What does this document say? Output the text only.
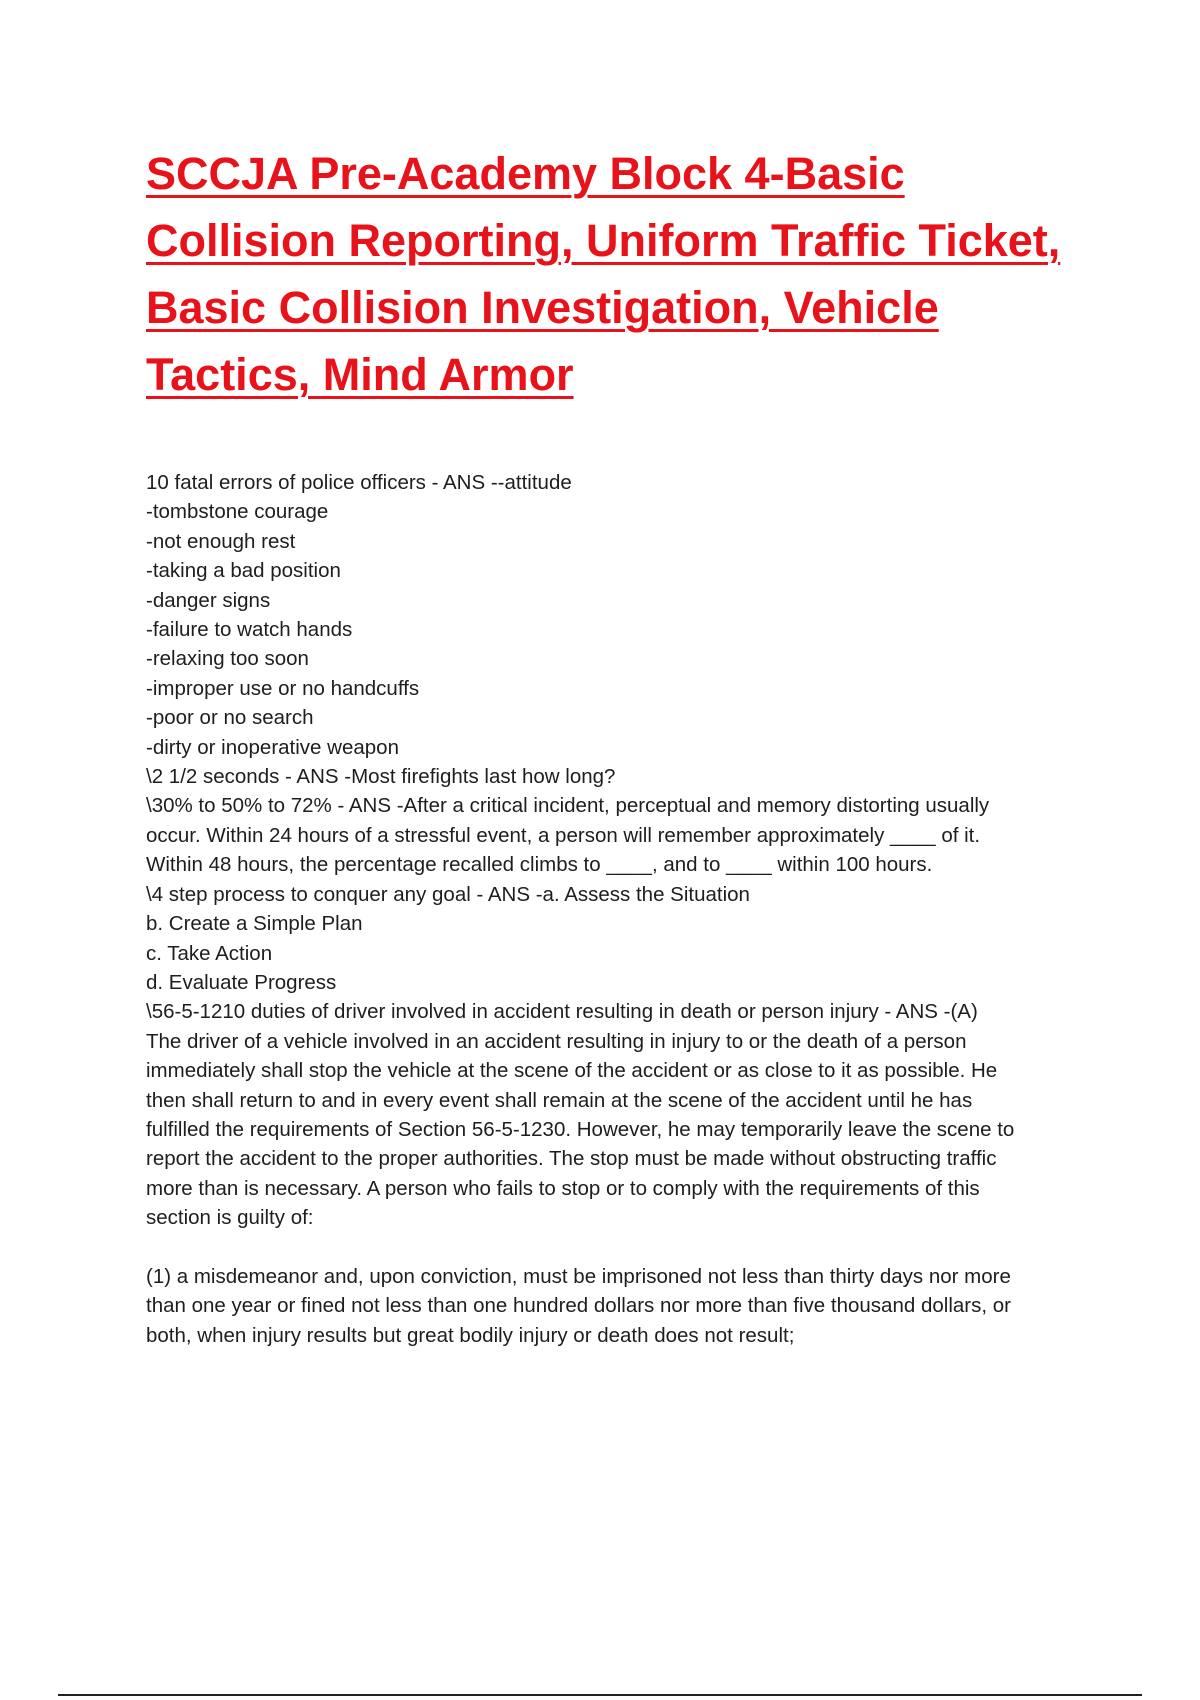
SCCJA Pre-Academy Block 4-Basic
Collision Reporting, Uniform Traffic Ticket,
Basic Collision Investigation, Vehicle
Tactics, Mind Armor
10 fatal errors of police officers - ANS --attitude
-tombstone courage
-not enough rest
-taking a bad position
-danger signs
-failure to watch hands
-relaxing too soon
-improper use or no handcuffs
-poor or no search
-dirty or inoperative weapon
\2 1/2 seconds - ANS -Most firefights last how long?
\30% to 50% to 72% - ANS -After a critical incident, perceptual and memory distorting usually
occur. Within 24 hours of a stressful event, a person will remember approximately ____ of it.
Within 48 hours, the percentage recalled climbs to ____, and to ____ within 100 hours.
\4 step process to conquer any goal - ANS -a. Assess the Situation
b. Create a Simple Plan
c. Take Action
d. Evaluate Progress
\56-5-1210 duties of driver involved in accident resulting in death or person injury - ANS -(A)
The driver of a vehicle involved in an accident resulting in injury to or the death of a person
immediately shall stop the vehicle at the scene of the accident or as close to it as possible. He
then shall return to and in every event shall remain at the scene of the accident until he has
fulfilled the requirements of Section 56-5-1230. However, he may temporarily leave the scene to
report the accident to the proper authorities. The stop must be made without obstructing traffic
more than is necessary. A person who fails to stop or to comply with the requirements of this
section is guilty of:
(1) a misdemeanor and, upon conviction, must be imprisoned not less than thirty days nor more
than one year or fined not less than one hundred dollars nor more than five thousand dollars, or
both, when injury results but great bodily injury or death does not result;
